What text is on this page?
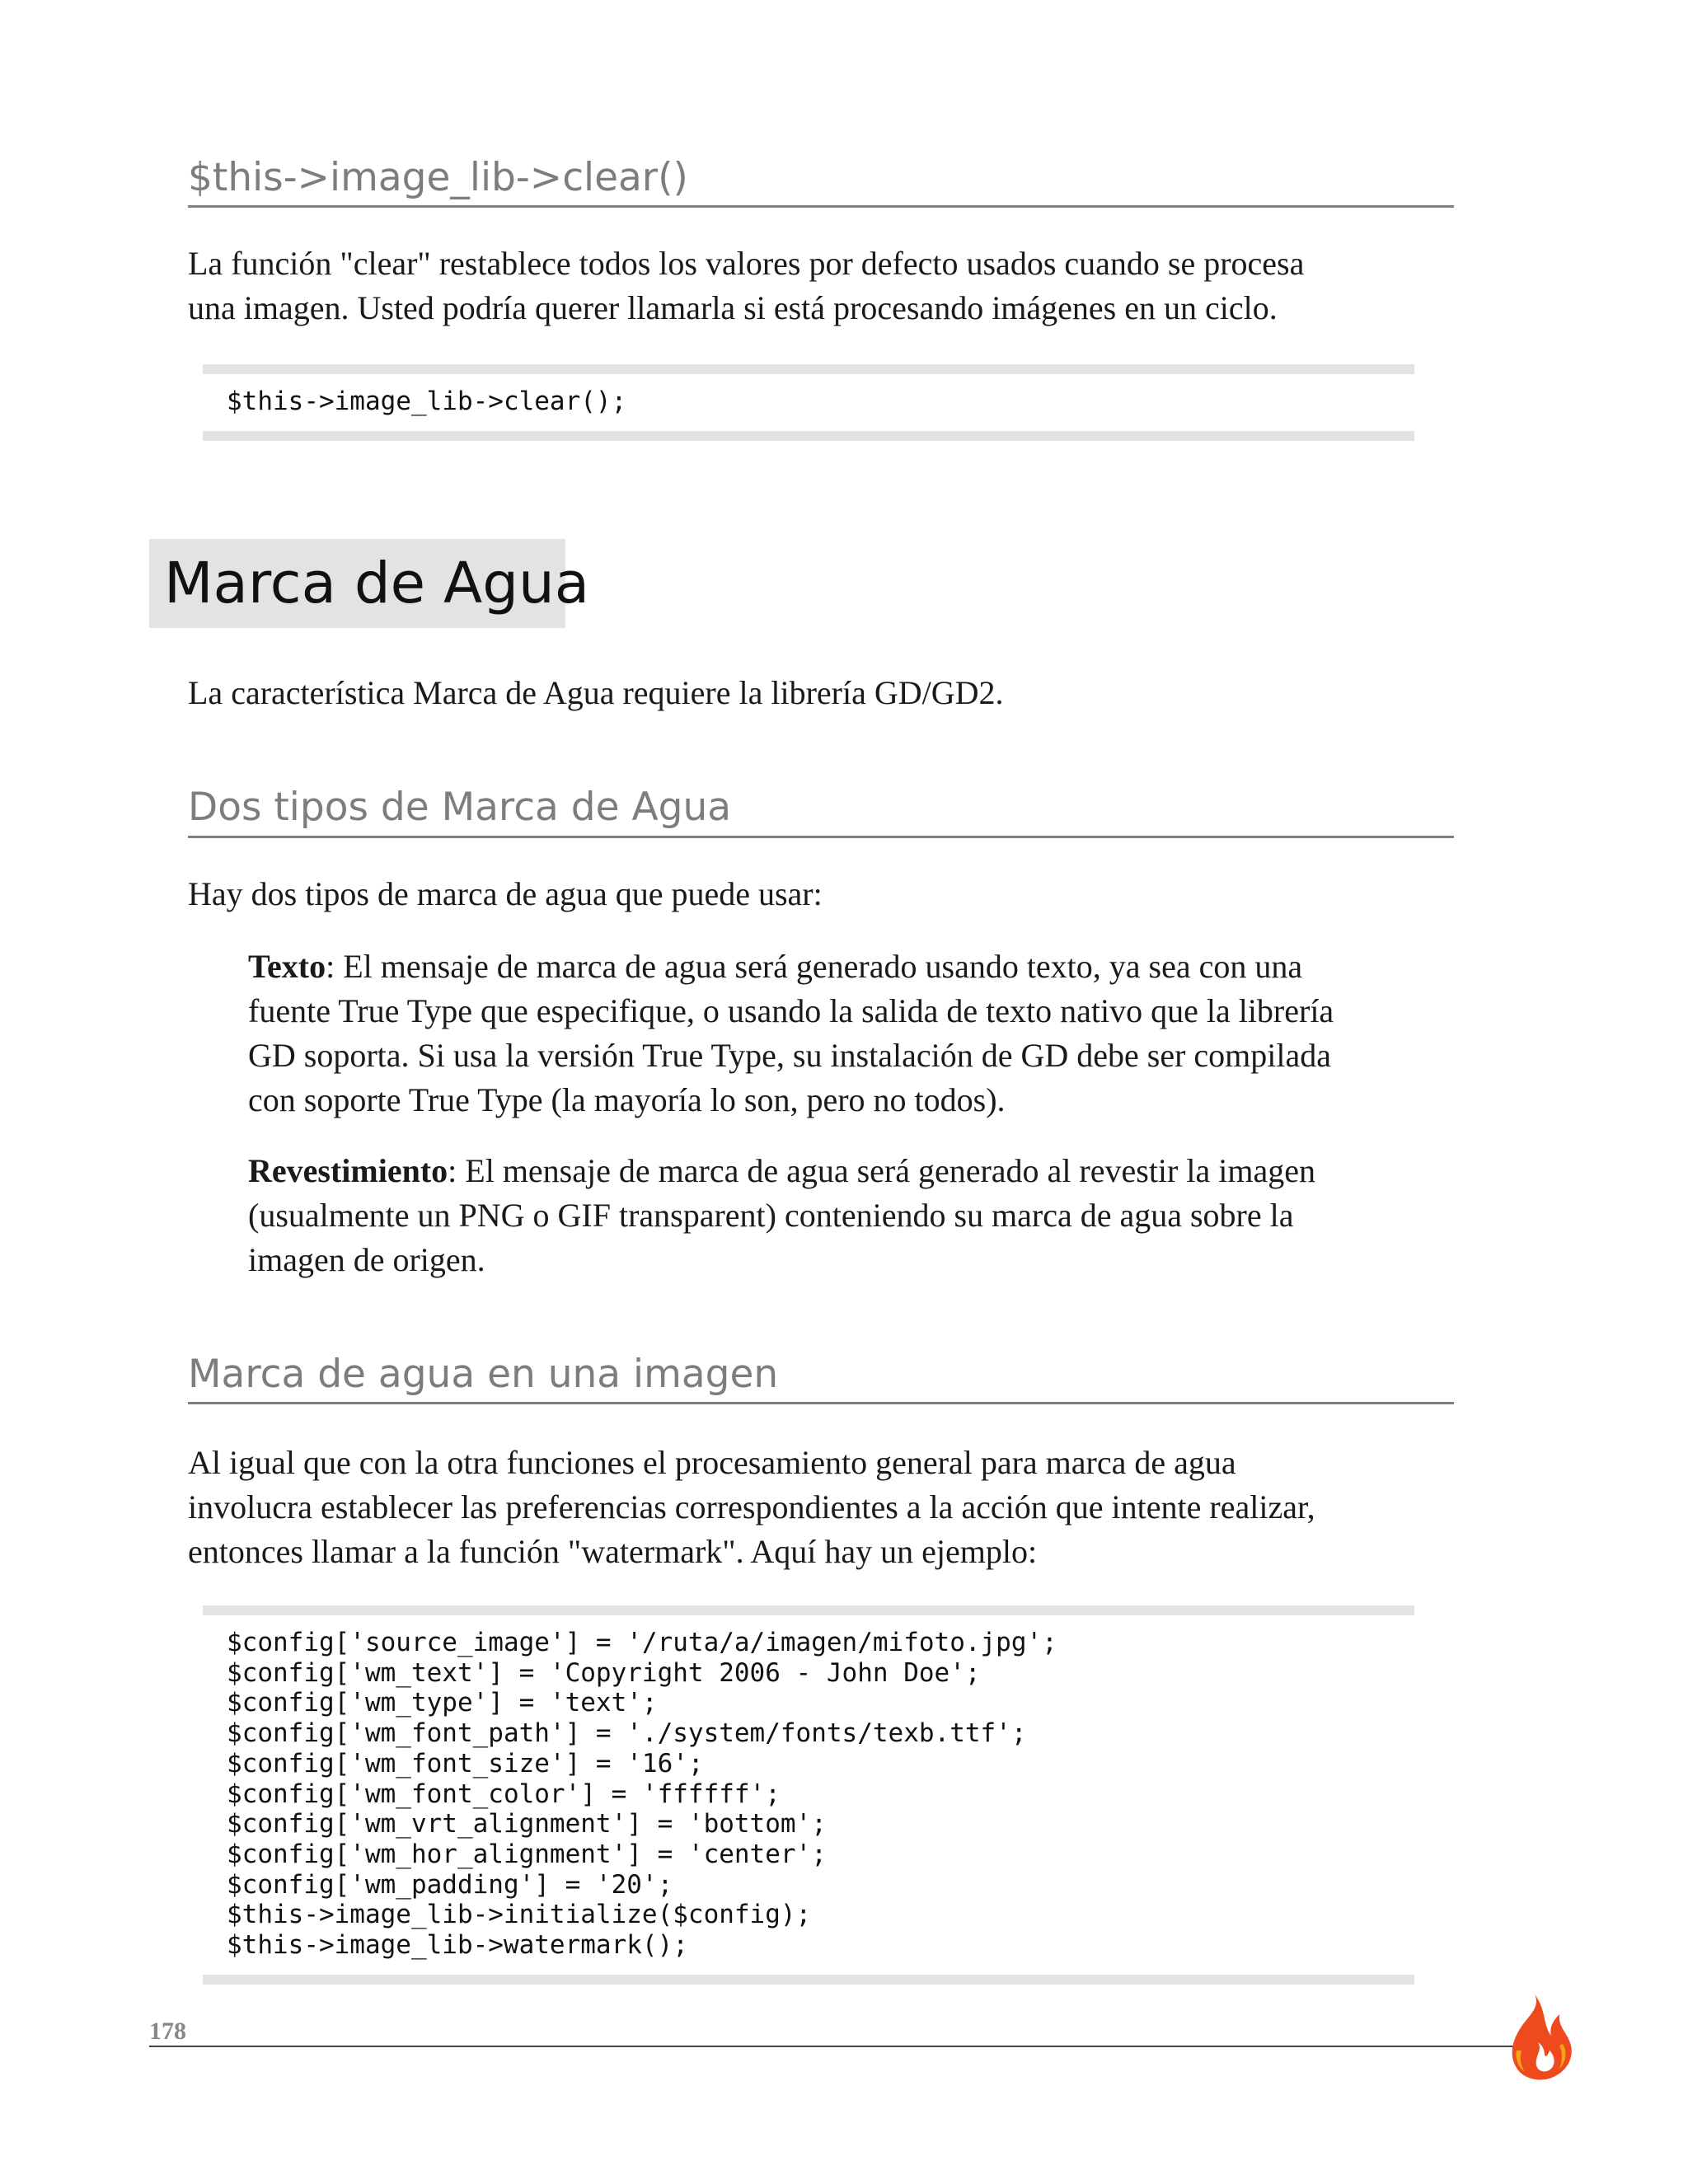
$this->image_lib->clear()

La función "clear" restablece todos los valores por defecto usados cuando se procesa
una imagen. Usted podría querer llamarla si está procesando imágenes en un ciclo.

$this->image_lib->clear();
Marca de Agua

La característica Marca de Agua requiere la librería GD/GD2.

Dos tipos de Marca de Agua

Hay dos tipos de marca de agua que puede usar:

Texto: El mensaje de marca de agua será generado usando texto, ya sea con una
fuente True Type que especifique, o usando la salida de texto nativo que la librería
GD soporta. Si usa la versión True Type, su instalación de GD debe ser compilada
con soporte True Type (la mayoría lo son, pero no todos).

Revestimiento: El mensaje de marca de agua será generado al revestir la imagen
(usualmente un PNG o GIF transparent) conteniendo su marca de agua sobre la
imagen de origen.

Marca de agua en una imagen

Al igual que con la otra funciones el procesamiento general para marca de agua
involucra establecer las preferencias correspondientes a la acción que intente realizar,
entonces llamar a la función "watermark". Aquí hay un ejemplo:

$config['source_image'] = '/ruta/a/imagen/mifoto.jpg';
$config['wm_text'] = 'Copyright 2006 - John Doe';
$config['wm_type'] = 'text';
$config['wm_font_path'] = './system/fonts/texb.ttf';
$config['wm_font_size'] = '16';
$config['wm_font_color'] = 'ffffff';
$config['wm_vrt_alignment'] = 'bottom';
$config['wm_hor_alignment'] = 'center';
$config['wm_padding'] = '20';
$this->image_lib->initialize($config);
$this->image_lib->watermark();
178
